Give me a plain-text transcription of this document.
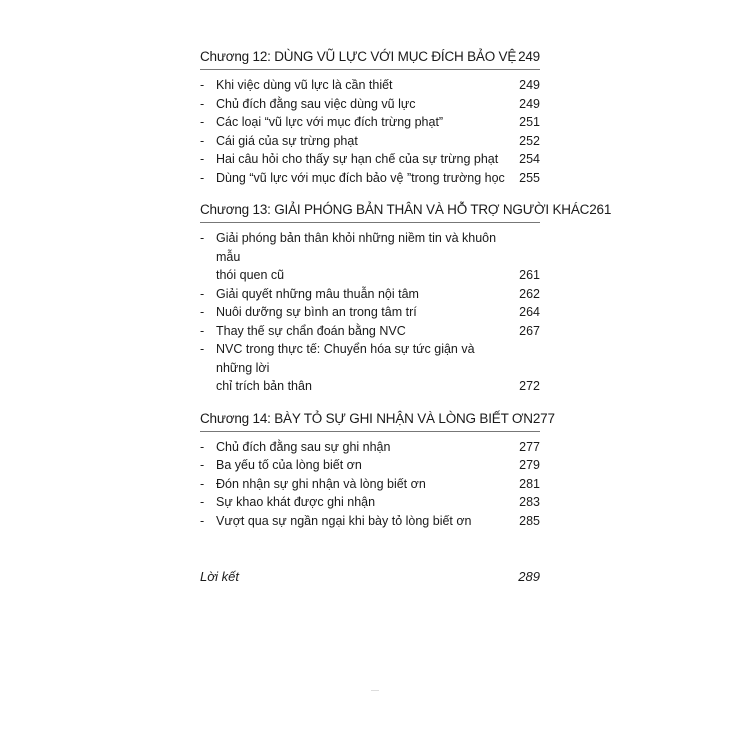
Chương 12: DÙNG VŨ LỰC VỚI MỤC ĐÍCH BẢO VỆ 249
- Khi việc dùng vũ lực là cần thiết	249
- Chủ đích đằng sau việc dùng vũ lực	249
- Các loại “vũ lực với mục đích trừng phạt”	251
- Cái giá của sự trừng phạt	252
- Hai câu hỏi cho thấy sự hạn chế của sự trừng phạt	254
- Dùng “vũ lực với mục đích bảo vệ ”trong trường học 255
Chương 13: GIẢI PHÓNG BẢN THÂN VÀ HỖ TRỢ NGƯỜI KHÁC 261
- Giải phóng bản thân khỏi những niềm tin và khuôn mẫu
thói quen cũ	261
- Giải quyết những mâu thuẫn nội tâm	262
- Nuôi dưỡng sự bình an trong tâm trí	264
- Thay thế sự chẩn đoán bằng NVC	267
- NVC trong thực tế: Chuyển hóa sự tức giận và những lời
chỉ trích bản thân	272
Chương 14: BÀY TỎ SỰ GHI NHẬN VÀ LÒNG BIẾT ƠN 277
- Chủ đích đằng sau sự ghi nhận	277
- Ba yếu tố của lòng biết ơn	279
- Đón nhận sự ghi nhận và lòng biết ơn	281
- Sự khao khát được ghi nhận	283
- Vượt qua sự ngần ngại khi bày tỏ lòng biết ơn	285
Lời kết	289
